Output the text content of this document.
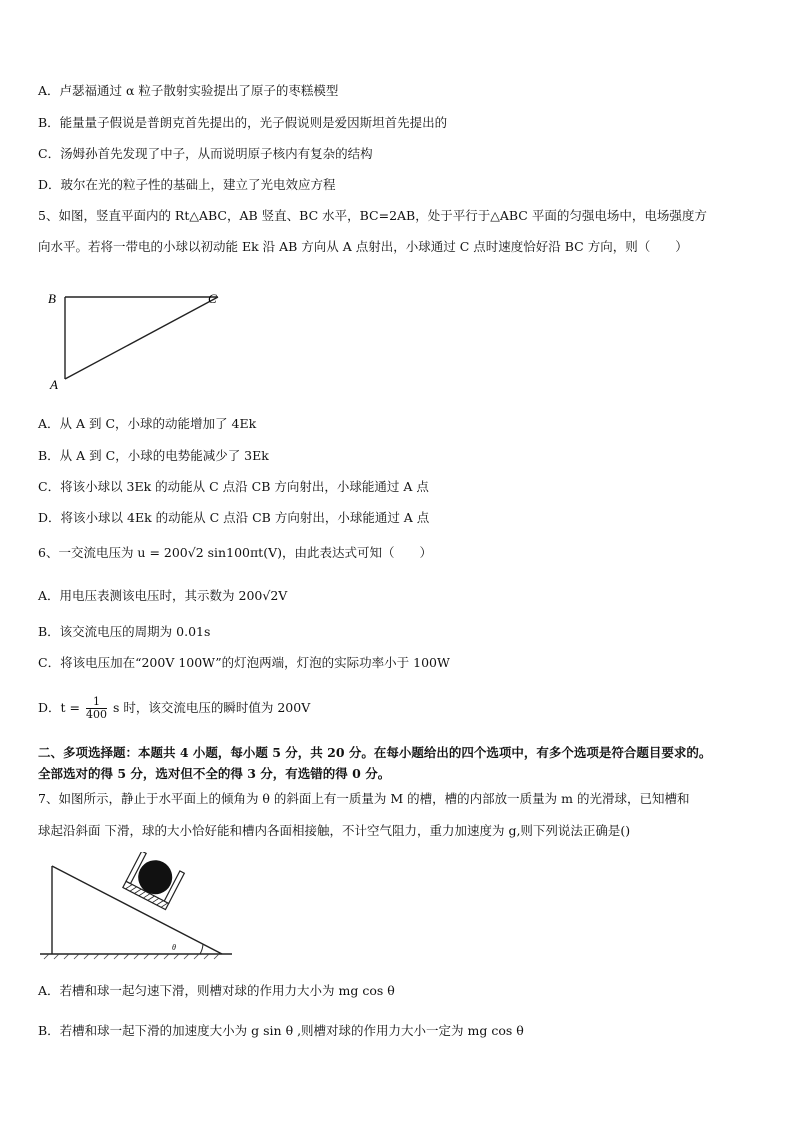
A．卢瑟福通过 α 粒子散射实验提出了原子的枣糕模型
B．能量量子假说是普朗克首先提出的，光子假说则是爱因斯坦首先提出的
C．汤姆孙首先发现了中子，从而说明原子核内有复杂的结构
D．玻尔在光的粒子性的基础上，建立了光电效应方程
5、如图，竖直平面内的 Rt△ABC，AB 竖直、BC 水平，BC=2AB，处于平行于△ABC 平面的匀强电场中，电场强度方
向水平。若将一带电的小球以初动能 Ek 沿 AB 方向从 A 点射出，小球通过 C 点时速度恰好沿 BC 方向，则（　　）
B	C
A
A．从 A 到 C，小球的动能增加了 4Ek
B．从 A 到 C，小球的电势能减少了 3Ek
C．将该小球以 3Ek 的动能从 C 点沿 CB 方向射出，小球能通过 A 点
D．将该小球以 4Ek 的动能从 C 点沿 CB 方向射出，小球能通过 A 点
6、一交流电压为 u = 200√2 sin100πt(V)，由此表达式可知（　　）
A．用电压表测该电压时，其示数为 200√2V
B．该交流电压的周期为 0.01s
C．将该电压加在“200V 100W”的灯泡两端，灯泡的实际功率小于 100W
D．$t = \frac{1}{400}$ s 时，该交流电压的瞬时值为 200V
二、多项选择题：本题共 4 小题，每小题 5 分，共 20 分。在每小题给出的四个选项中，有多个选项是符合题目要求的。
全部选对的得 5 分，选对但不全的得 3 分，有选错的得 0 分。
7、如图所示，静止于水平面上的倾角为 θ 的斜面上有一质量为 M 的槽，槽的内部放一质量为 m 的光滑球，已知槽和
球起沿斜面 下滑，球的大小恰好能和槽内各面相接触，不计空气阻力，重力加速度为 g,则下列说法正确是()
θ
A．若槽和球一起匀速下滑，则槽对球的作用力大小为 mg cos θ
B．若槽和球一起下滑的加速度大小为 g sin θ ,则槽对球的作用力大小一定为 mg cos θ
